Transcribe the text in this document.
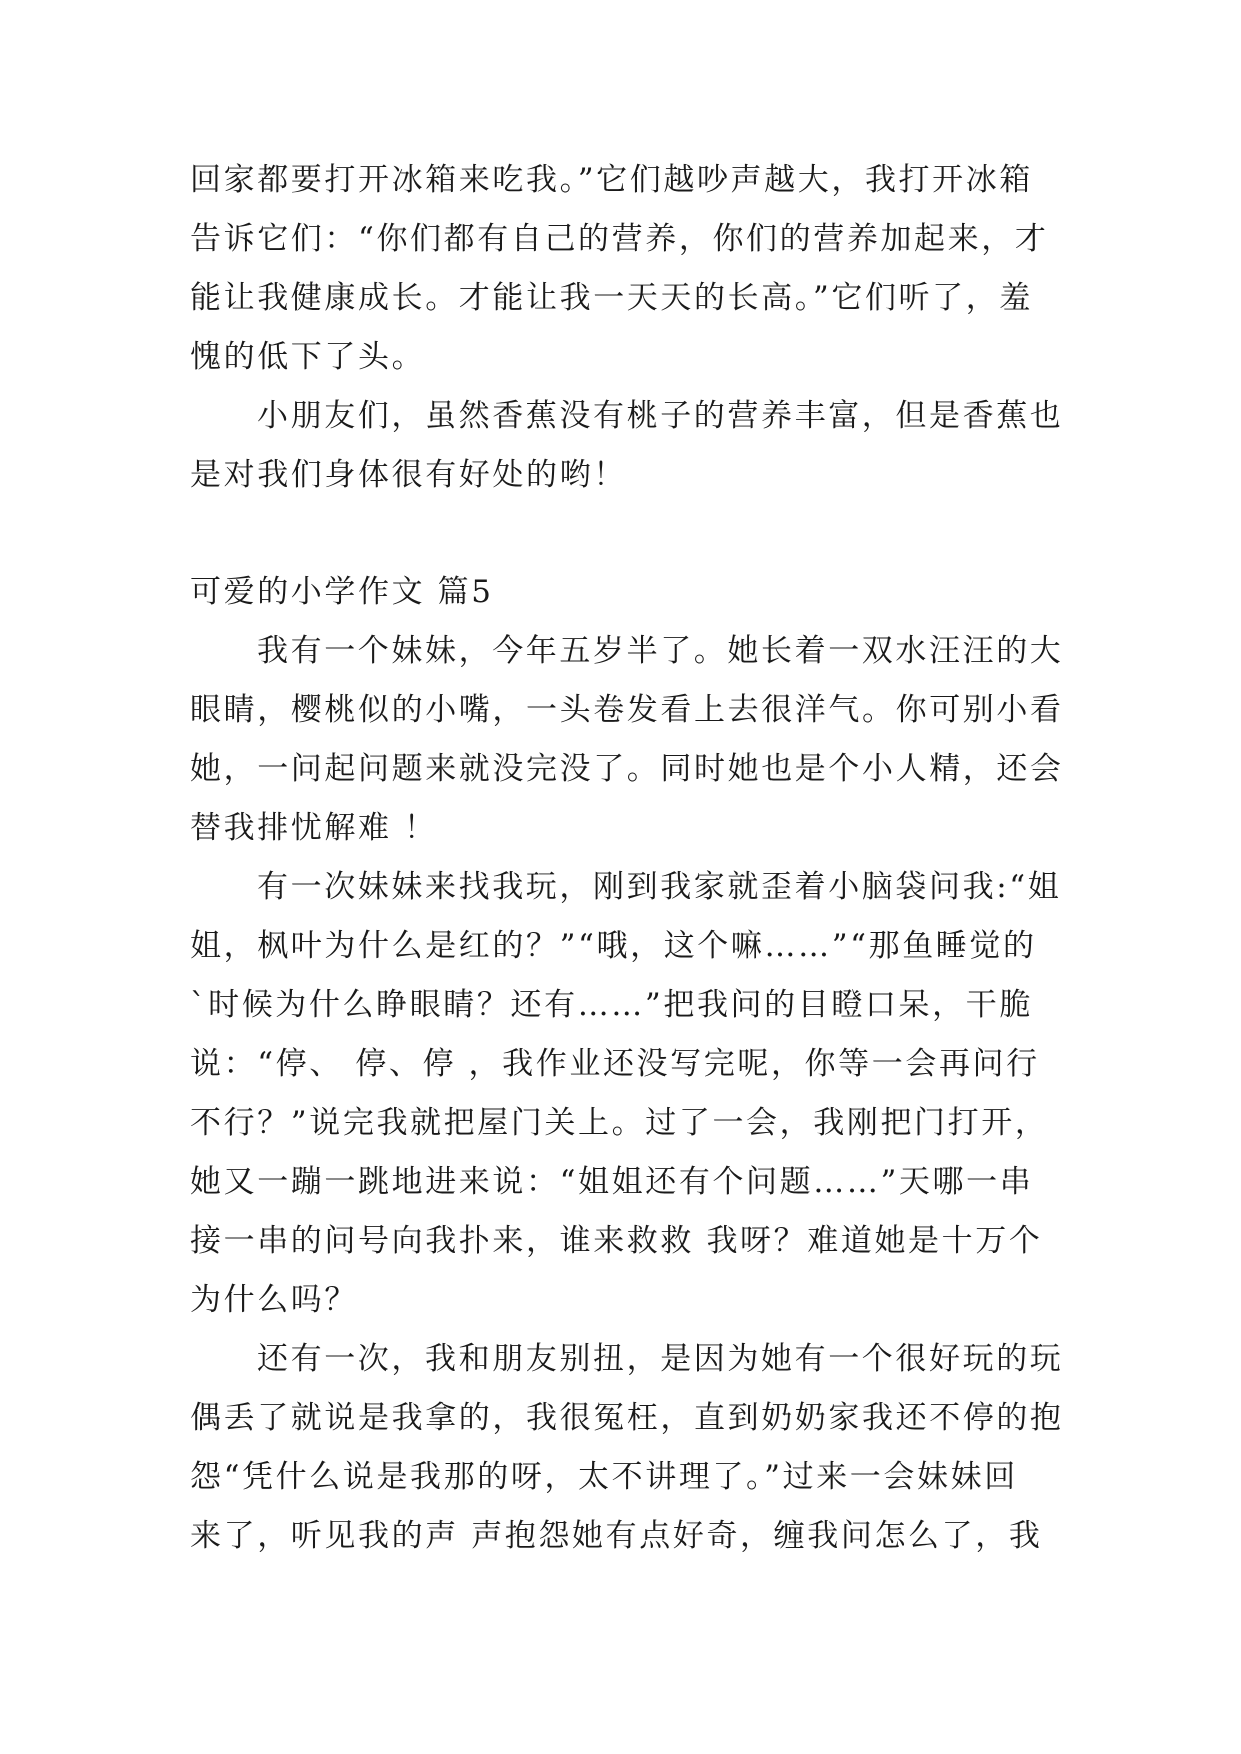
回家都要打开冰箱来吃我。”它们越吵声越大，我打开冰箱
告诉它们：“你们都有自己的营养，你们的营养加起来，才
能让我健康成长。才能让我一天天的长高。”它们听了，羞
愧的低下了头。
小朋友们，虽然香蕉没有桃子的营养丰富，但是香蕉也
是对我们身体很有好处的哟！
可爱的小学作文 篇5
我有一个妹妹，今年五岁半了。她长着一双水汪汪的大
眼睛，樱桃似的小嘴，一头卷发看上去很洋气。你可别小看
她，一问起问题来就没完没了。同时她也是个小人精，还会
替我排忧解难 ！
有一次妹妹来找我玩，刚到我家就歪着小脑袋问我:“姐
姐，枫叶为什么是红的？”“哦，这个嘛……”“那鱼睡觉的
`时候为什么睁眼睛？还有……”把我问的目瞪口呆，干脆
说：“停、 停、停 ，我作业还没写完呢，你等一会再问行
不行？”说完我就把屋门关上。过了一会，我刚把门打开，
她又一蹦一跳地进来说：“姐姐还有个问题……”天哪一串
接一串的问号向我扑来，谁来救救 我呀？难道她是十万个
为什么吗？
还有一次，我和朋友别扭，是因为她有一个很好玩的玩
偶丢了就说是我拿的，我很冤枉，直到奶奶家我还不停的抱
怨“凭什么说是我那的呀，太不讲理了。”过来一会妹妹回
来了，听见我的声 声抱怨她有点好奇，缠我问怎么了，我
